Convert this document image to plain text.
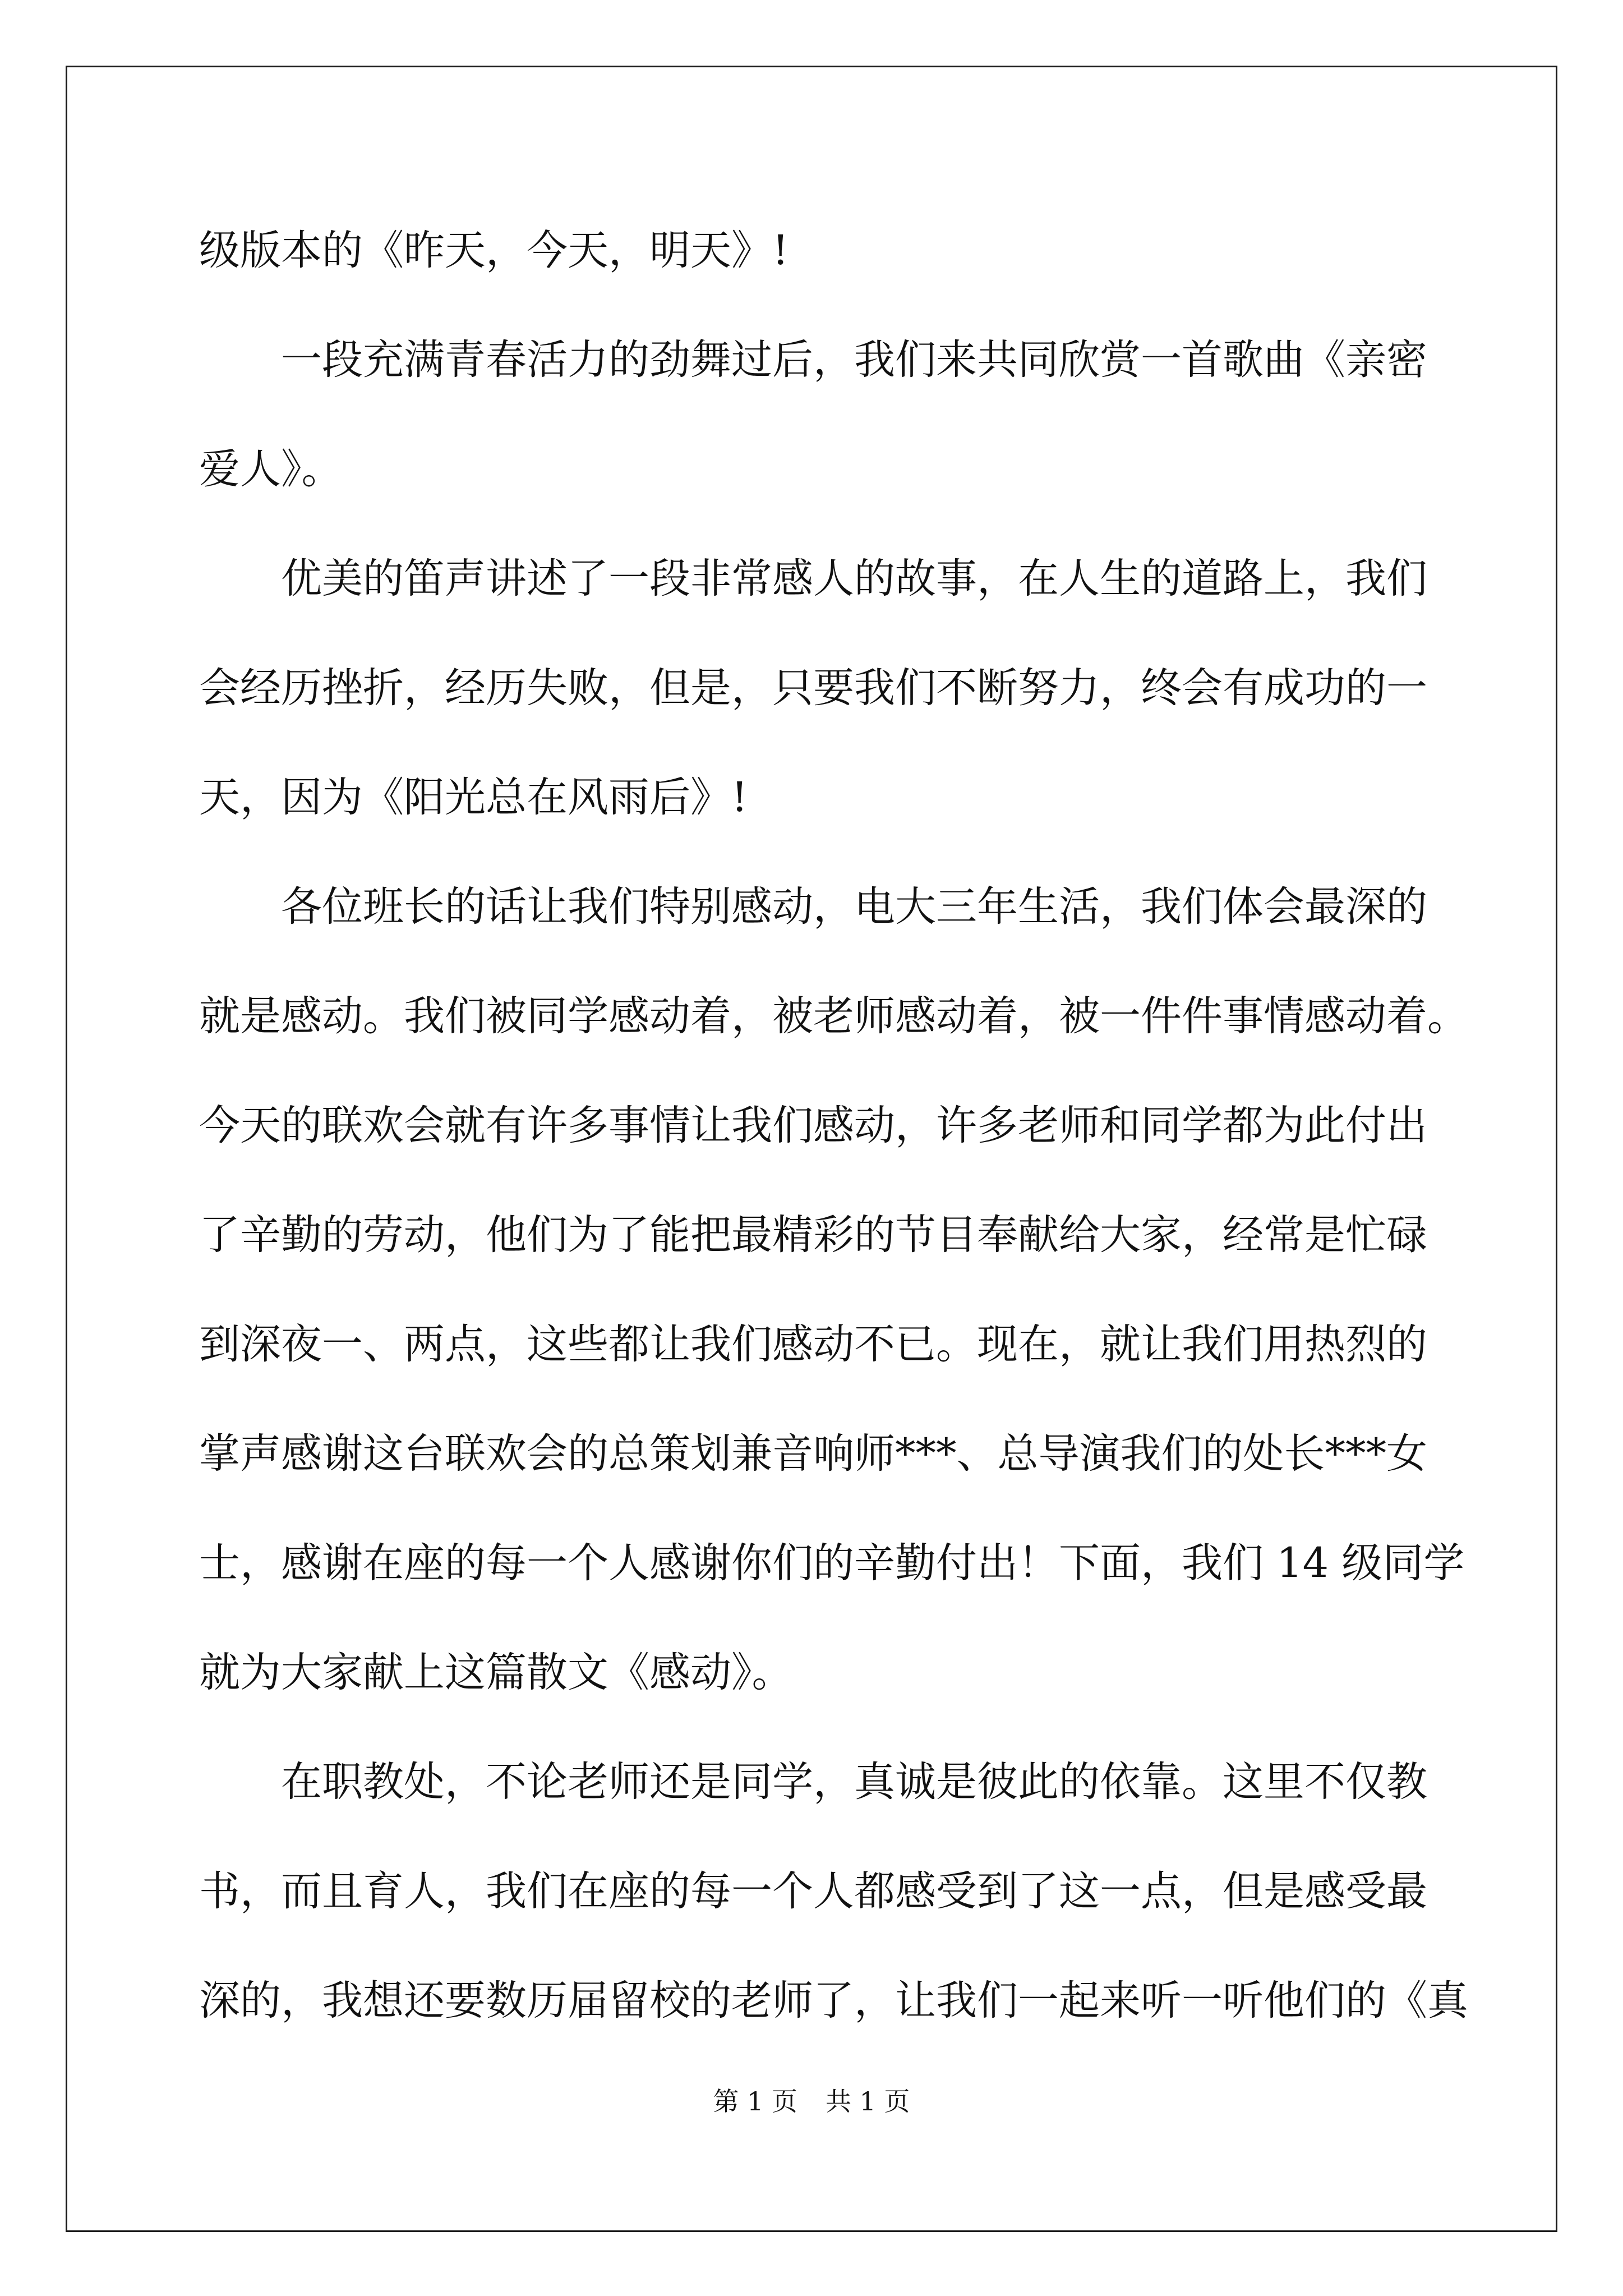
级版本的《昨天，今天，明天》!
　　一段充满青春活力的劲舞过后，我们来共同欣赏一首歌曲《亲密
爱人》。
　　优美的笛声讲述了一段非常感人的故事，在人生的道路上，我们
会经历挫折，经历失败，但是，只要我们不断努力，终会有成功的一
天，因为《阳光总在风雨后》!
　　各位班长的话让我们特别感动，电大三年生活，我们体会最深的
就是感动。我们被同学感动着，被老师感动着，被一件件事情感动着。
今天的联欢会就有许多事情让我们感动，许多老师和同学都为此付出
了辛勤的劳动，他们为了能把最精彩的节目奉献给大家，经常是忙碌
到深夜一、两点，这些都让我们感动不已。现在，就让我们用热烈的
掌声感谢这台联欢会的总策划兼音响师***、总导演我们的处长***女
士，感谢在座的每一个人感谢你们的辛勤付出！下面，我们 14 级同学
就为大家献上这篇散文《感动》。
　　在职教处，不论老师还是同学，真诚是彼此的依靠。这里不仅教
书，而且育人，我们在座的每一个人都感受到了这一点，但是感受最
深的，我想还要数历届留校的老师了，让我们一起来听一听他们的《真
第 1 页 共 1 页
